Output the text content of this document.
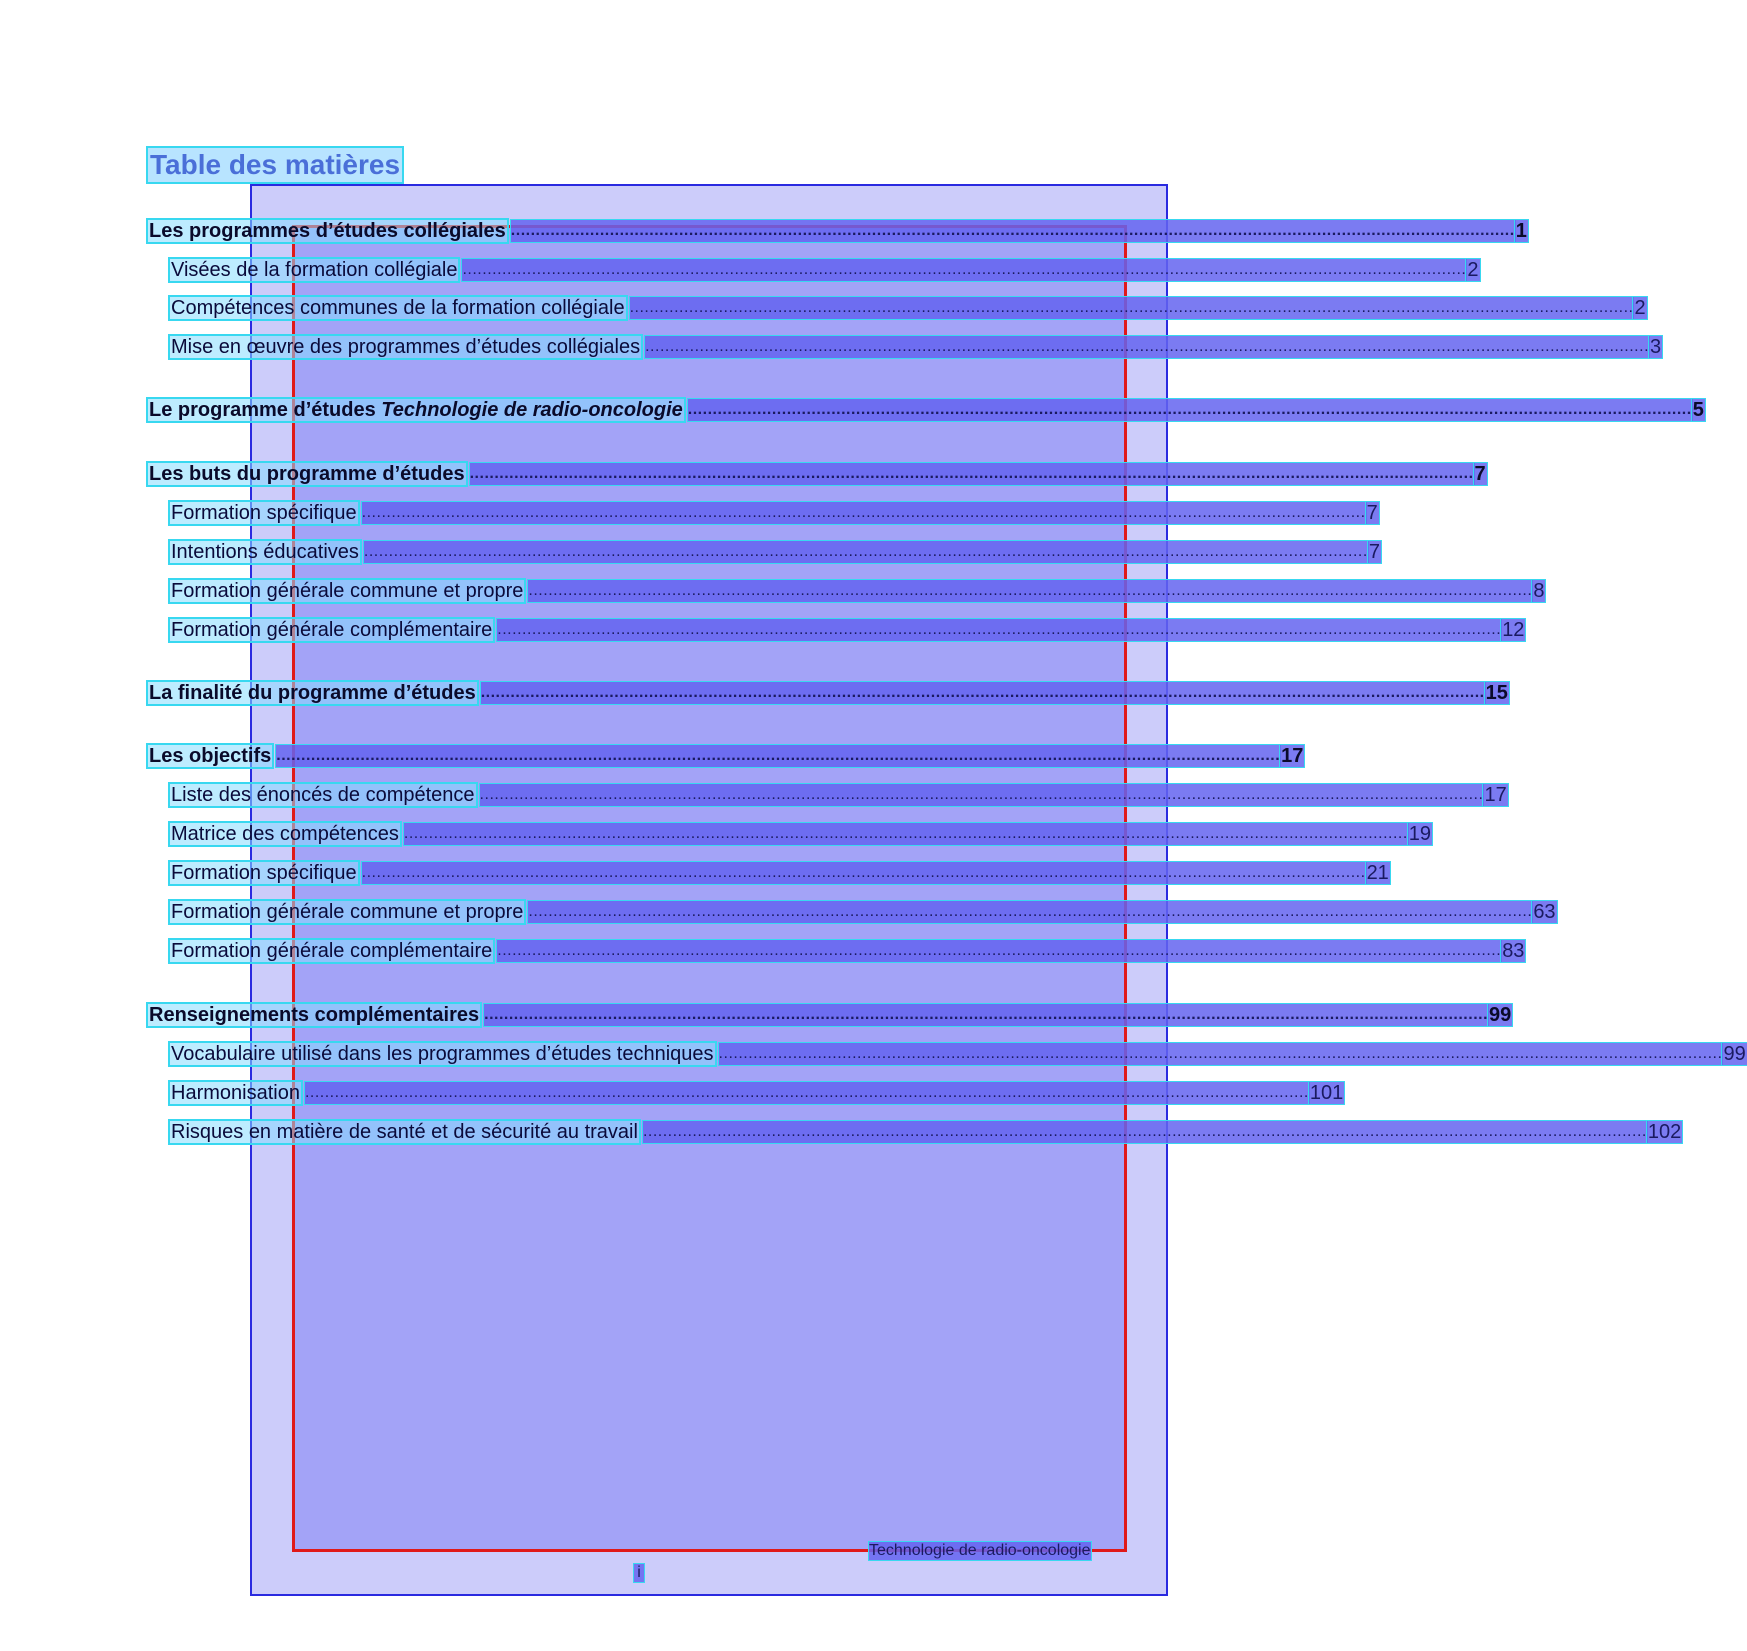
Table des matières
Les programmes d’études collégiales ........................................................................................................................................................................................................... 1
Visées de la formation collégiale ........................................................................................................................................................................................................... 2
Compétences communes de la formation collégiale ........................................................................................................................................................................................................... 2
Mise en œuvre des programmes d’études collégiales ........................................................................................................................................................................................................... 3
Le programme d’études Technologie de radio-oncologie ........................................................................................................................................................................................................... 5
Les buts du programme d’études ........................................................................................................................................................................................................... 7
Formation spécifique ........................................................................................................................................................................................................... 7
Intentions éducatives ........................................................................................................................................................................................................... 7
Formation générale commune et propre ........................................................................................................................................................................................................... 8
Formation générale complémentaire ........................................................................................................................................................................................................... 12
La finalité du programme d’études ........................................................................................................................................................................................................... 15
Les objectifs ........................................................................................................................................................................................................... 17
Liste des énoncés de compétence ........................................................................................................................................................................................................... 17
Matrice des compétences ........................................................................................................................................................................................................... 19
Formation spécifique ........................................................................................................................................................................................................... 21
Formation générale commune et propre ........................................................................................................................................................................................................... 63
Formation générale complémentaire ........................................................................................................................................................................................................... 83
Renseignements complémentaires ........................................................................................................................................................................................................... 99
Vocabulaire utilisé dans les programmes d’études techniques ........................................................................................................................................................................................................... 99
Harmonisation ........................................................................................................................................................................................................... 101
Risques en matière de santé et de sécurité au travail ........................................................................................................................................................................................................... 102
Technologie de radio-oncologie
i
